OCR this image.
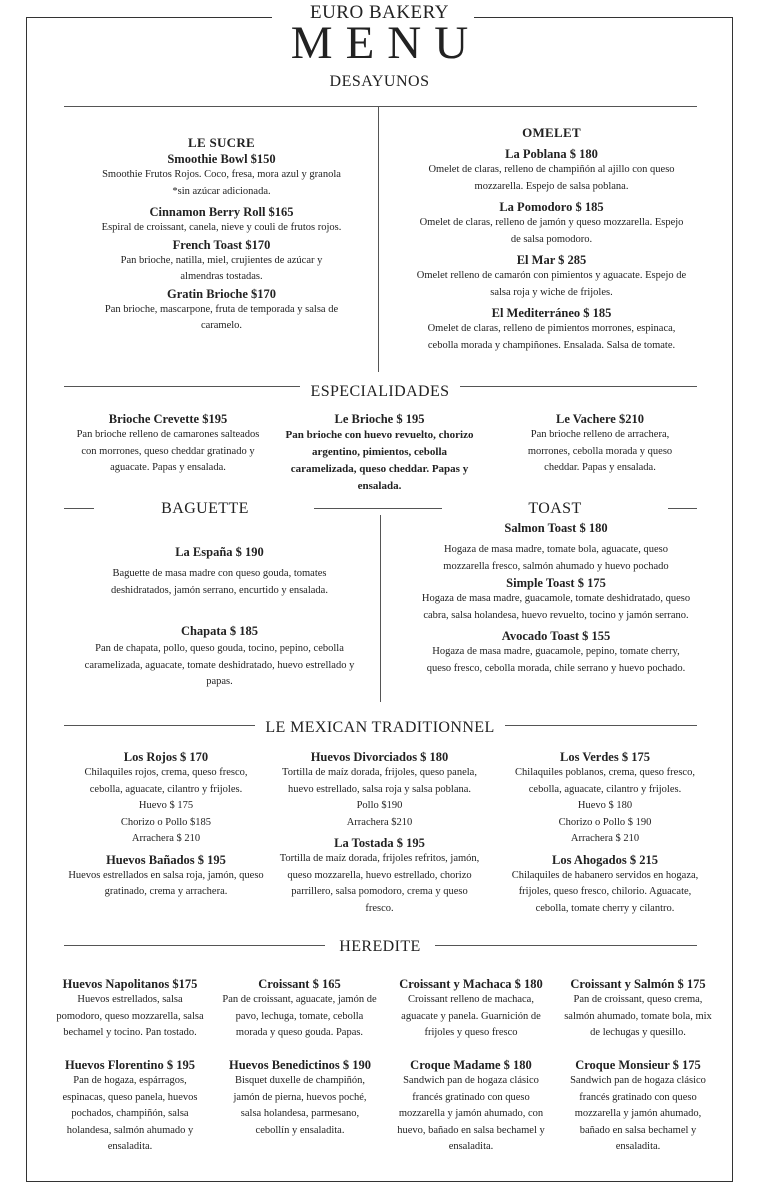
EURO BAKERY
MENU
DESAYUNOS

LE SUCRE

Smoothie Bowl $150

Smoothie Frutos Rojos. Coco, fresa, mora azul y granola *sin azúcar adicionada.

Cinnamon Berry Roll $165

Espiral de croissant, canela, nieve y couli de frutos rojos.

French Toast $170

Pan brioche, natilla, miel, crujientes de azúcar y almendras tostadas.

Gratin Brioche $170

Pan brioche, mascarpone, fruta de temporada y salsa de caramelo.

OMELET

La Poblana $ 180

Omelet de claras, relleno de champiñón al ajillo con queso mozzarella. Espejo de salsa poblana.

La Pomodoro $ 185

Omelet de claras, relleno de jamón y queso mozzarella. Espejo de salsa pomodoro.

El Mar $ 285

Omelet relleno de camarón con pimientos y aguacate. Espejo de salsa roja y wiche de frijoles.

El Mediterráneo $ 185

Omelet de claras, relleno de pimientos morrones, espinaca, cebolla morada y champiñones. Ensalada. Salsa de tomate.

ESPECIALIDADES

Brioche Crevette $195

Pan brioche relleno de camarones salteados con morrones, queso cheddar gratinado y aguacate. Papas y ensalada.

Le Brioche $ 195

Pan brioche con huevo revuelto, chorizo argentino, pimientos, cebolla caramelizada, queso cheddar. Papas y ensalada.

Le Vachere $210

Pan brioche relleno de arrachera, morrones, cebolla morada y queso cheddar. Papas y ensalada.

BAGUETTE	TOAST

La España $ 190

Baguette de masa madre con queso gouda, tomates deshidratados, jamón serrano, encurtido y ensalada.

Chapata $ 185

Pan de chapata, pollo, queso gouda, tocino, pepino, cebolla caramelizada, aguacate, tomate deshidratado, huevo estrellado y papas.

Salmon Toast $ 180

Hogaza de masa madre, tomate bola, aguacate, queso mozzarella fresco, salmón ahumado y huevo pochado

Simple Toast $ 175

Hogaza de masa madre, guacamole, tomate deshidratado, queso cabra, salsa holandesa, huevo revuelto, tocino y jamón serrano.

Avocado Toast $ 155

Hogaza de masa madre, guacamole, pepino, tomate cherry, queso fresco, cebolla morada, chile serrano y huevo pochado.

LE MEXICAN TRADITIONNEL

Los Rojos $ 170

Chilaquiles rojos, crema, queso fresco, cebolla, aguacate, cilantro y frijoles.

Huevo $ 175

Chorizo o Pollo $185

Arrachera $ 210

Huevos Bañados $ 195

Huevos estrellados en salsa roja, jamón, queso gratinado, crema y arrachera.

Huevos Divorciados $ 180

Tortilla de maíz dorada, frijoles, queso panela, huevo estrellado, salsa roja y salsa poblana.

Pollo $190

Arrachera $210

La Tostada $ 195

Tortilla de maíz dorada, frijoles refritos, jamón, queso mozzarella, huevo estrellado, chorizo parrillero, salsa pomodoro, crema y queso fresco.

Los Verdes $ 175

Chilaquiles poblanos, crema, queso fresco, cebolla, aguacate, cilantro y frijoles.

Huevo $ 180

Chorizo o Pollo $ 190

Arrachera $ 210

Los Ahogados $ 215

Chilaquiles de habanero servidos en hogaza, frijoles, queso fresco, chilorio. Aguacate, cebolla, tomate cherry y cilantro.

HEREDITE

Huevos Napolitanos $175

Huevos estrellados, salsa pomodoro, queso mozzarella, salsa bechamel y tocino. Pan tostado.

Croissant $ 165

Pan de croissant, aguacate, jamón de pavo, lechuga, tomate, cebolla morada y queso gouda. Papas.

Croissant y Machaca $ 180

Croissant relleno de machaca, aguacate y panela. Guarnición de frijoles y queso fresco

Croissant y Salmón $ 175

Pan de croissant, queso crema, salmón ahumado, tomate bola, mix de lechugas y quesillo.

Huevos Florentino $ 195

Pan de hogaza, espárragos, espinacas, queso panela, huevos pochados, champiñón, salsa holandesa, salmón ahumado y ensaladita.

Huevos Benedictinos $ 190

Bisquet duxelle de champiñón, jamón de pierna, huevos poché, salsa holandesa, parmesano, cebollín y ensaladita.

Croque Madame $ 180

Sandwich pan de hogaza clásico francés gratinado con queso mozzarella y jamón ahumado, con huevo, bañado en salsa bechamel y ensaladita.

Croque Monsieur $ 175

Sandwich pan de hogaza clásico francés gratinado con queso mozzarella y jamón ahumado, bañado en salsa bechamel y ensaladita.
